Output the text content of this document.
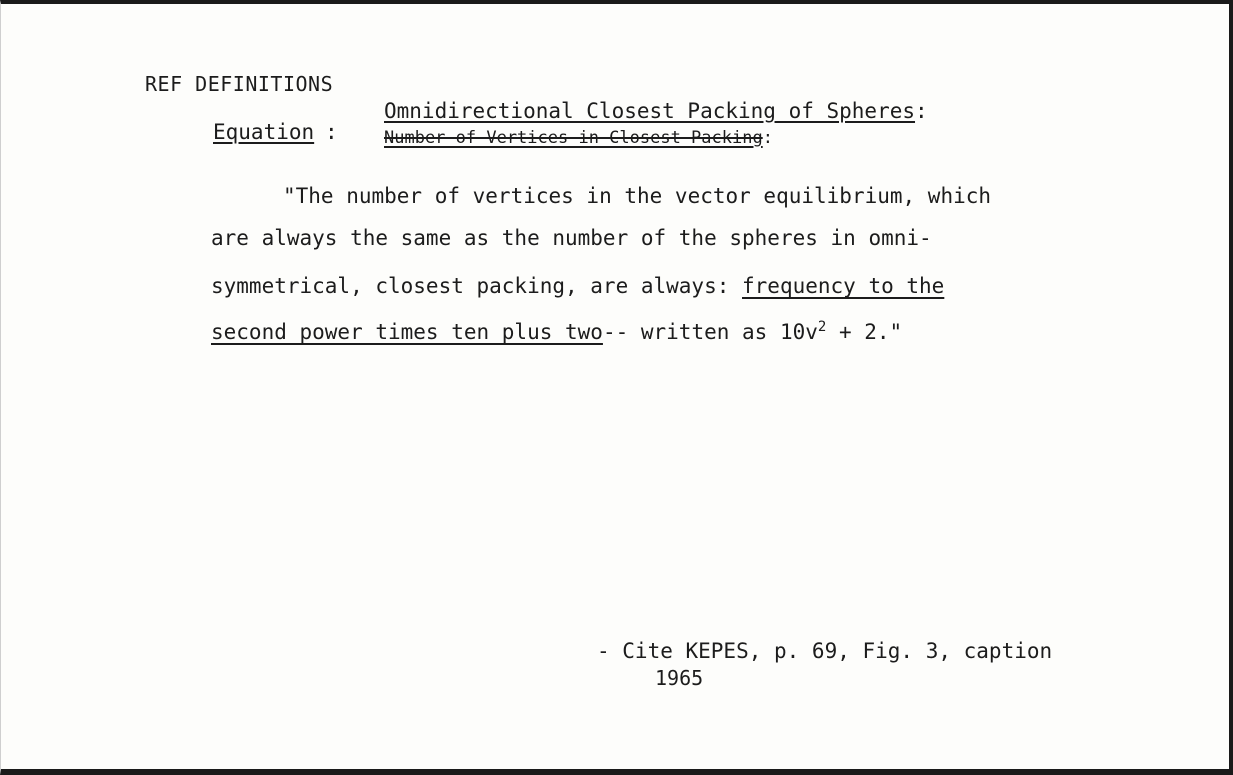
REF DEFINITIONS
Equation :
Omnidirectional Closest Packing of Spheres:
Number of Vertices in Closest Packing:
"The number of vertices in the vector equilibrium, which
are always the same as the number of the spheres in omni-
symmetrical, closest packing, are always: frequency to the
second power times ten plus two-- written as $10v^2 + 2$."
- Cite KEPES, p. 69, Fig. 3, caption
1965
